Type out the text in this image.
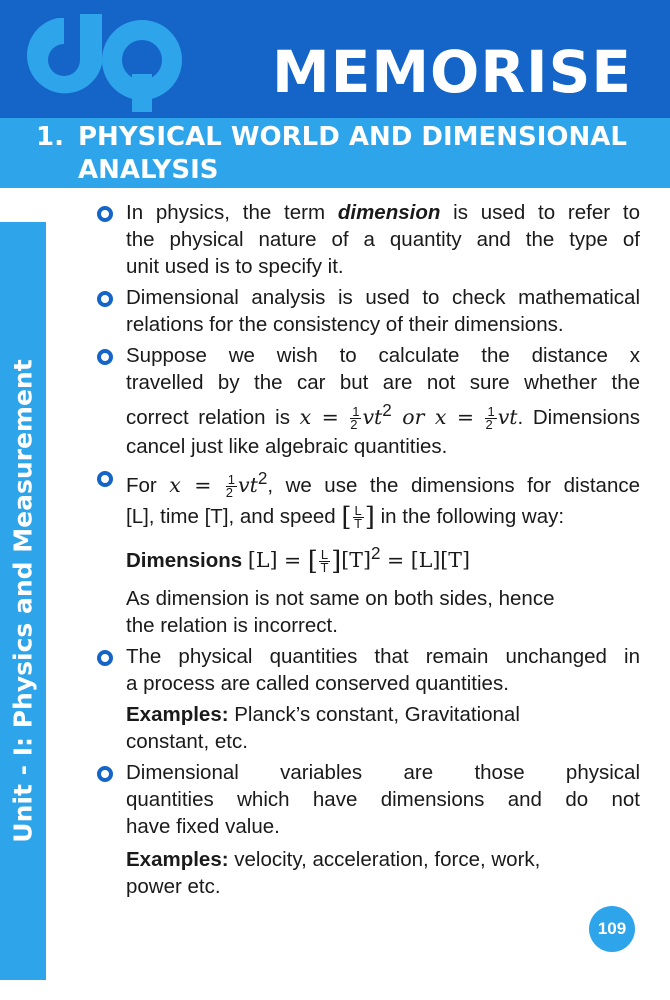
MEMORISE
1. PHYSICAL WORLD AND DIMENSIONAL
ANALYSIS
Unit - I: Physics and Measurement
In physics, the term dimension is used to refer to
the physical nature of a quantity and the type of
unit used is to specify it.
Dimensional analysis is used to check mathematical
relations for the consistency of their dimensions.
Suppose we wish to calculate the distance x
travelled by the car but are not sure whether the
correct relation is $x = \frac{1}{2} vt^2$ or $x = \frac{1}{2}$ vt. Dimensions
cancel just like algebraic quantities.
For $x = \frac{1}{2} vt^2$, we use the dimensions for distance
[L], time [T], and speed [ $\frac{L}{T}$ ] in the following way:
Dimensions [L] = [ $\frac{L}{T} ][T]^2 = [L][T]$
As dimension is not same on both sides, hence
the relation is incorrect.
The physical quantities that remain unchanged in
a process are called conserved quantities.
Examples: Planck’s constant, Gravitational
constant, etc.
Dimensional variables are those physical
quantities which have dimensions and do not
have fixed value.
Examples: velocity, acceleration, force, work,
power etc.
109
